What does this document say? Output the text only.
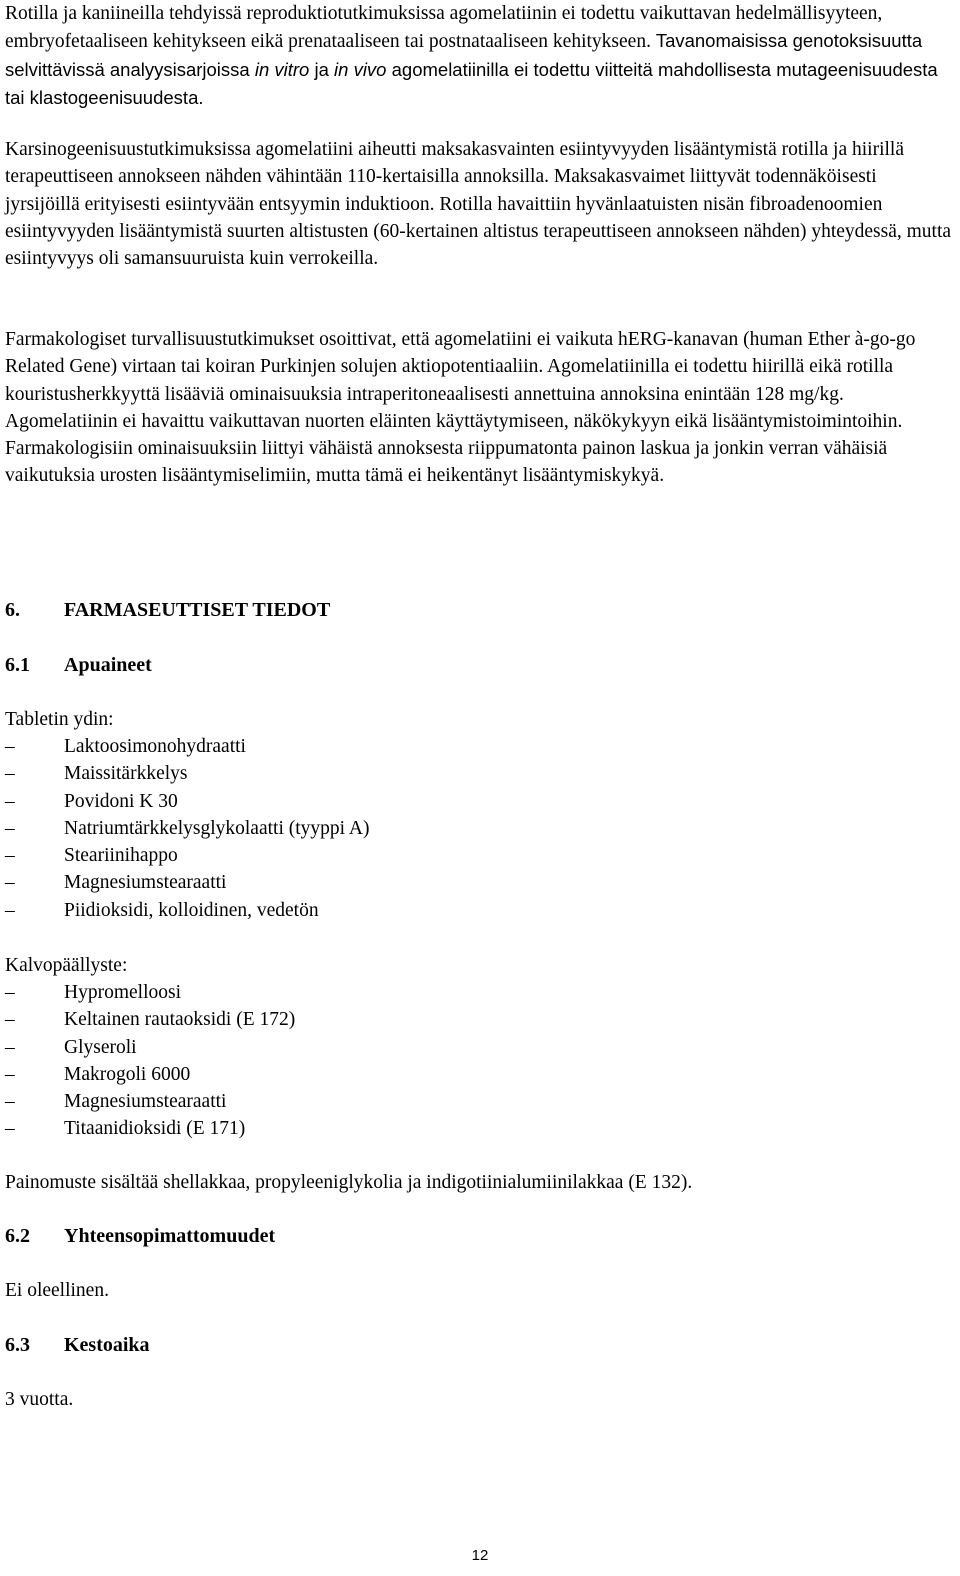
Rotilla ja kaniineilla tehdyissä reproduktiotutkimuksissa agomelatiinin ei todettu vaikuttavan hedelmällisyyteen, embryofetaaliseen kehitykseen eikä prenataaliseen tai postnataaliseen kehitykseen. Tavanomaisissa genotoksisuutta selvittävissä analyysisarjoissa in vitro ja in vivo agomelatiinilla ei todettu viitteitä mahdollisesta mutageenisuudesta tai klastogeenisuudesta.

Karsinogeenisuustutkimuksissa agomelatiini aiheutti maksakasvainten esiintyvyyden lisääntymistä rotilla ja hiirillä terapeuttiseen annokseen nähden vähintään 110-kertaisilla annoksilla. Maksakasvaimet liittyvät todennäköisesti jyrsijöillä erityisesti esiintyvään entsyymin induktioon. Rotilla havaittiin hyvänlaatuisten nisän fibroadenoomien esiintyvyyden lisääntymistä suurten altistusten (60-kertainen altistus terapeuttiseen annokseen nähden) yhteydessä, mutta esiintyvyys oli samansuuruista kuin verrokeilla.

Farmakologiset turvallisuustutkimukset osoittivat, että agomelatiini ei vaikuta hERG-kanavan (human Ether à-go-go Related Gene) virtaan tai koiran Purkinjen solujen aktiopotentiaaliin. Agomelatiinilla ei todettu hiirillä eikä rotilla kouristusherkkyyttä lisääviä ominaisuuksia intraperitoneaalisesti annettuina annoksina enintään 128 mg/kg.
Agomelatiinin ei havaittu vaikuttavan nuorten eläinten käyttäytymiseen, näkökykyyn eikä lisääntymistoimintoihin. Farmakologisiin ominaisuuksiin liittyi vähäistä annoksesta riippumatonta painon laskua ja jonkin verran vähäisiä vaikutuksia urosten lisääntymiselimiin, mutta tämä ei heikentänyt lisääntymiskykyä.

6. FARMASEUTTISET TIEDOT
6.1 Apuaineet

Tabletin ydin:

–	Laktoosimonohydraatti
–	Maissitärkkelys
–	Povidoni K 30
–	Natriumtärkkelysglykolaatti (tyyppi A)
–	Steariinihappo
–	Magnesiumstearaatti
–	Piidioksidi, kolloidinen, vedetön

Kalvopäällyste:

–	Hypromelloosi
–	Keltainen rautaoksidi (E 172)
–	Glyseroli
–	Makrogoli 6000
–	Magnesiumstearaatti
–	Titaanidioksidi (E 171)

Painomuste sisältää shellakkaa, propyleeniglykolia ja indigotiinialumiinilakkaa (E 132).

6.2 Yhteensopimattomuudet

Ei oleellinen.

6.3 Kestoaika

3 vuotta.

12
